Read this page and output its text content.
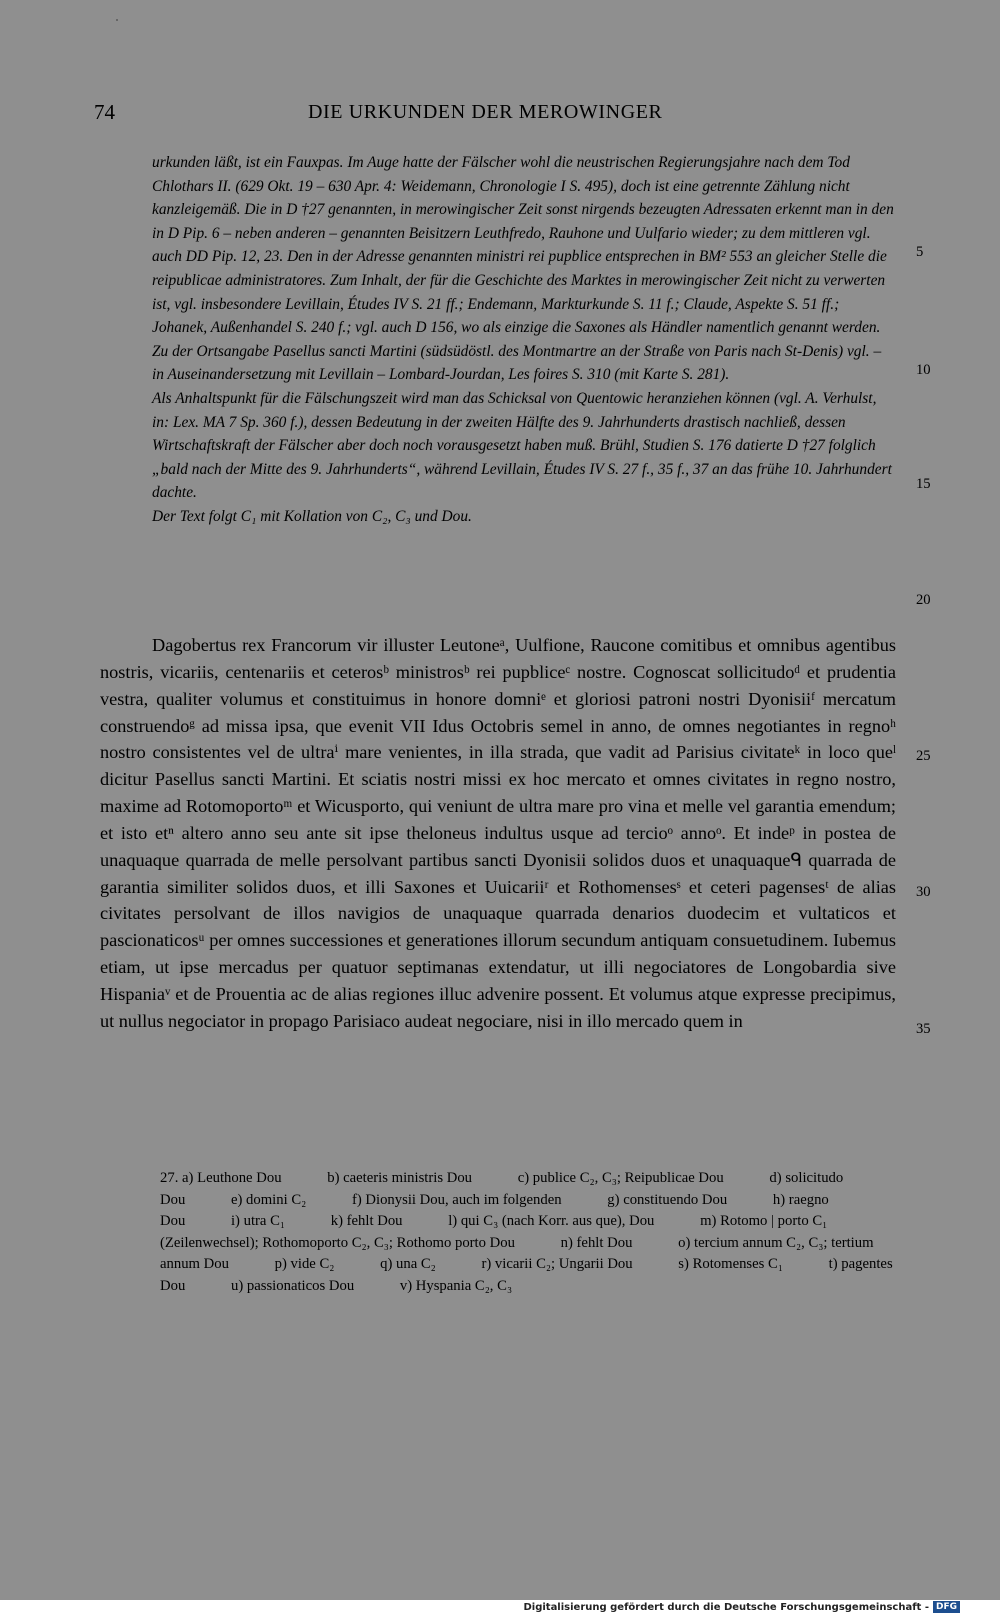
74	DIE URKUNDEN DER MEROWINGER

urkunden läßt, ist ein Fauxpas. Im Auge hatte der Fälscher wohl die neustrischen Regierungsjahre nach dem Tod Chlothars II. (629 Okt. 19 – 630 Apr. 4: Weidemann, Chronologie I S. 495), doch ist eine getrennte Zählung nicht kanzleigemäß. Die in D †27 genannten, in merowingischer Zeit sonst nirgends bezeugten Adressaten erkennt man in den in D Pip. 6 – neben anderen – genannten Beisitzern Leuthfredo, Rauhone und Uulfario wieder; zu dem mittleren vgl. auch DD Pip. 12, 23. Den in der Adresse genannten ministri rei pupblice entsprechen in BM² 553 an gleicher Stelle die reipublicae administratores. Zum Inhalt, der für die Geschichte des Marktes in merowingischer Zeit nicht zu verwerten ist, vgl. insbesondere Levillain, Études IV S. 21 ff.; Endemann, Markturkunde S. 11 f.; Claude, Aspekte S. 51 ff.; Johanek, Außenhandel S. 240 f.; vgl. auch D 156, wo als einzige die Saxones als Händler namentlich genannt werden. Zu der Ortsangabe Pasellus sancti Martini (südsüdöstl. des Montmartre an der Straße von Paris nach St-Denis) vgl. – in Auseinandersetzung mit Levillain – Lombard-Jourdan, Les foires S. 310 (mit Karte S. 281).

Als Anhaltspunkt für die Fälschungszeit wird man das Schicksal von Quentowic heranziehen können (vgl. A. Verhulst, in: Lex. MA 7 Sp. 360 f.), dessen Bedeutung in der zweiten Hälfte des 9. Jahrhunderts drastisch nachließ, dessen Wirtschaftskraft der Fälscher aber doch noch vorausgesetzt haben muß. Brühl, Studien S. 176 datierte D †27 folglich „bald nach der Mitte des 9. Jahrhunderts“, während Levillain, Études IV S. 27 f., 35 f., 37 an das frühe 10. Jahrhundert dachte.

Der Text folgt C₁ mit Kollation von C₂, C₃ und Dou.

Dagobertus rex Francorum vir illuster Leutoneᵃ, Uulfione, Raucone comitibus et omnibus agentibus nostris, vicariis, centenariis et ceterosᵇ ministrosᵇ rei pupbliceᶜ nostre. Cognoscat sollicitudoᵈ et prudentia vestra, qualiter volumus et constituimus in honore domniᵉ et gloriosi patroni nostri Dyonisiiᶠ mercatum construendoᵍ ad missa ipsa, que evenit VII Idus Octobris semel in anno, de omnes negotiantes in regnoʰ nostro consistentes vel de ultraⁱ mare venientes, in illa strada, que vadit ad Parisius civitateᵏ in loco queˡ dicitur Pasellus sancti Martini. Et sciatis nostri missi ex hoc mercato et omnes civitates in regno nostro, maxime ad Rotomoportoᵐ et Wicusporto, qui veniunt de ultra mare pro vina et melle vel garantia emendum; et isto etⁿ altero anno seu ante sit ipse theloneus indultus usque ad tercioᵒ annoᵒ. Et indeᵖ in postea de unaquaque quarrada de melle persolvant partibus sancti Dyonisii solidos duos et unaquaqueᑫ quarrada de garantia similiter solidos duos, et illi Saxones et Uuicariiʳ et Rothomensesˢ et ceteri pagensesᵗ de alias civitates persolvant de illos navigios de unaquaque quarrada denarios duodecim et vultaticos et pascionaticosᵘ per omnes successiones et generationes illorum secundum antiquam consuetudinem. Iubemus etiam, ut ipse mercadus per quatuor septimanas extendatur, ut illi negociatores de Longobardia sive Hispaniaᵛ et de Prouentia ac de alias regiones illuc advenire possent. Et volumus atque expresse precipimus, ut nullus negociator in propago Parisiaco audeat negociare, nisi in illo mercado quem in

27. a) Leuthone Dou	b) caeteris ministris Dou	c) publice C₂, C₃; Reipublicae Dou	d) solicitudo Dou	e) domini C₂	f) Dionysii Dou, auch im folgenden	g) constituendo Dou	h) raegno Dou	i) utra C₁	k) fehlt Dou	l) qui C₃ (nach Korr. aus que), Dou	m) Rotomo | porto C₁ (Zeilenwechsel); Rothomoporto C₂, C₃; Rothomo porto Dou	n) fehlt Dou	o) tercium annum C₂, C₃; tertium annum Dou	p) vide C₂	q) una C₂	r) vicarii C₂; Ungarii Dou	s) Rotomenses C₁	t) pagentes Dou	u) passionaticos Dou	v) Hyspania C₂, C₃
5
10
15
20
25
30
35
Digitalisierung gefördert durch die Deutsche Forschungsgemeinschaft - DFG
